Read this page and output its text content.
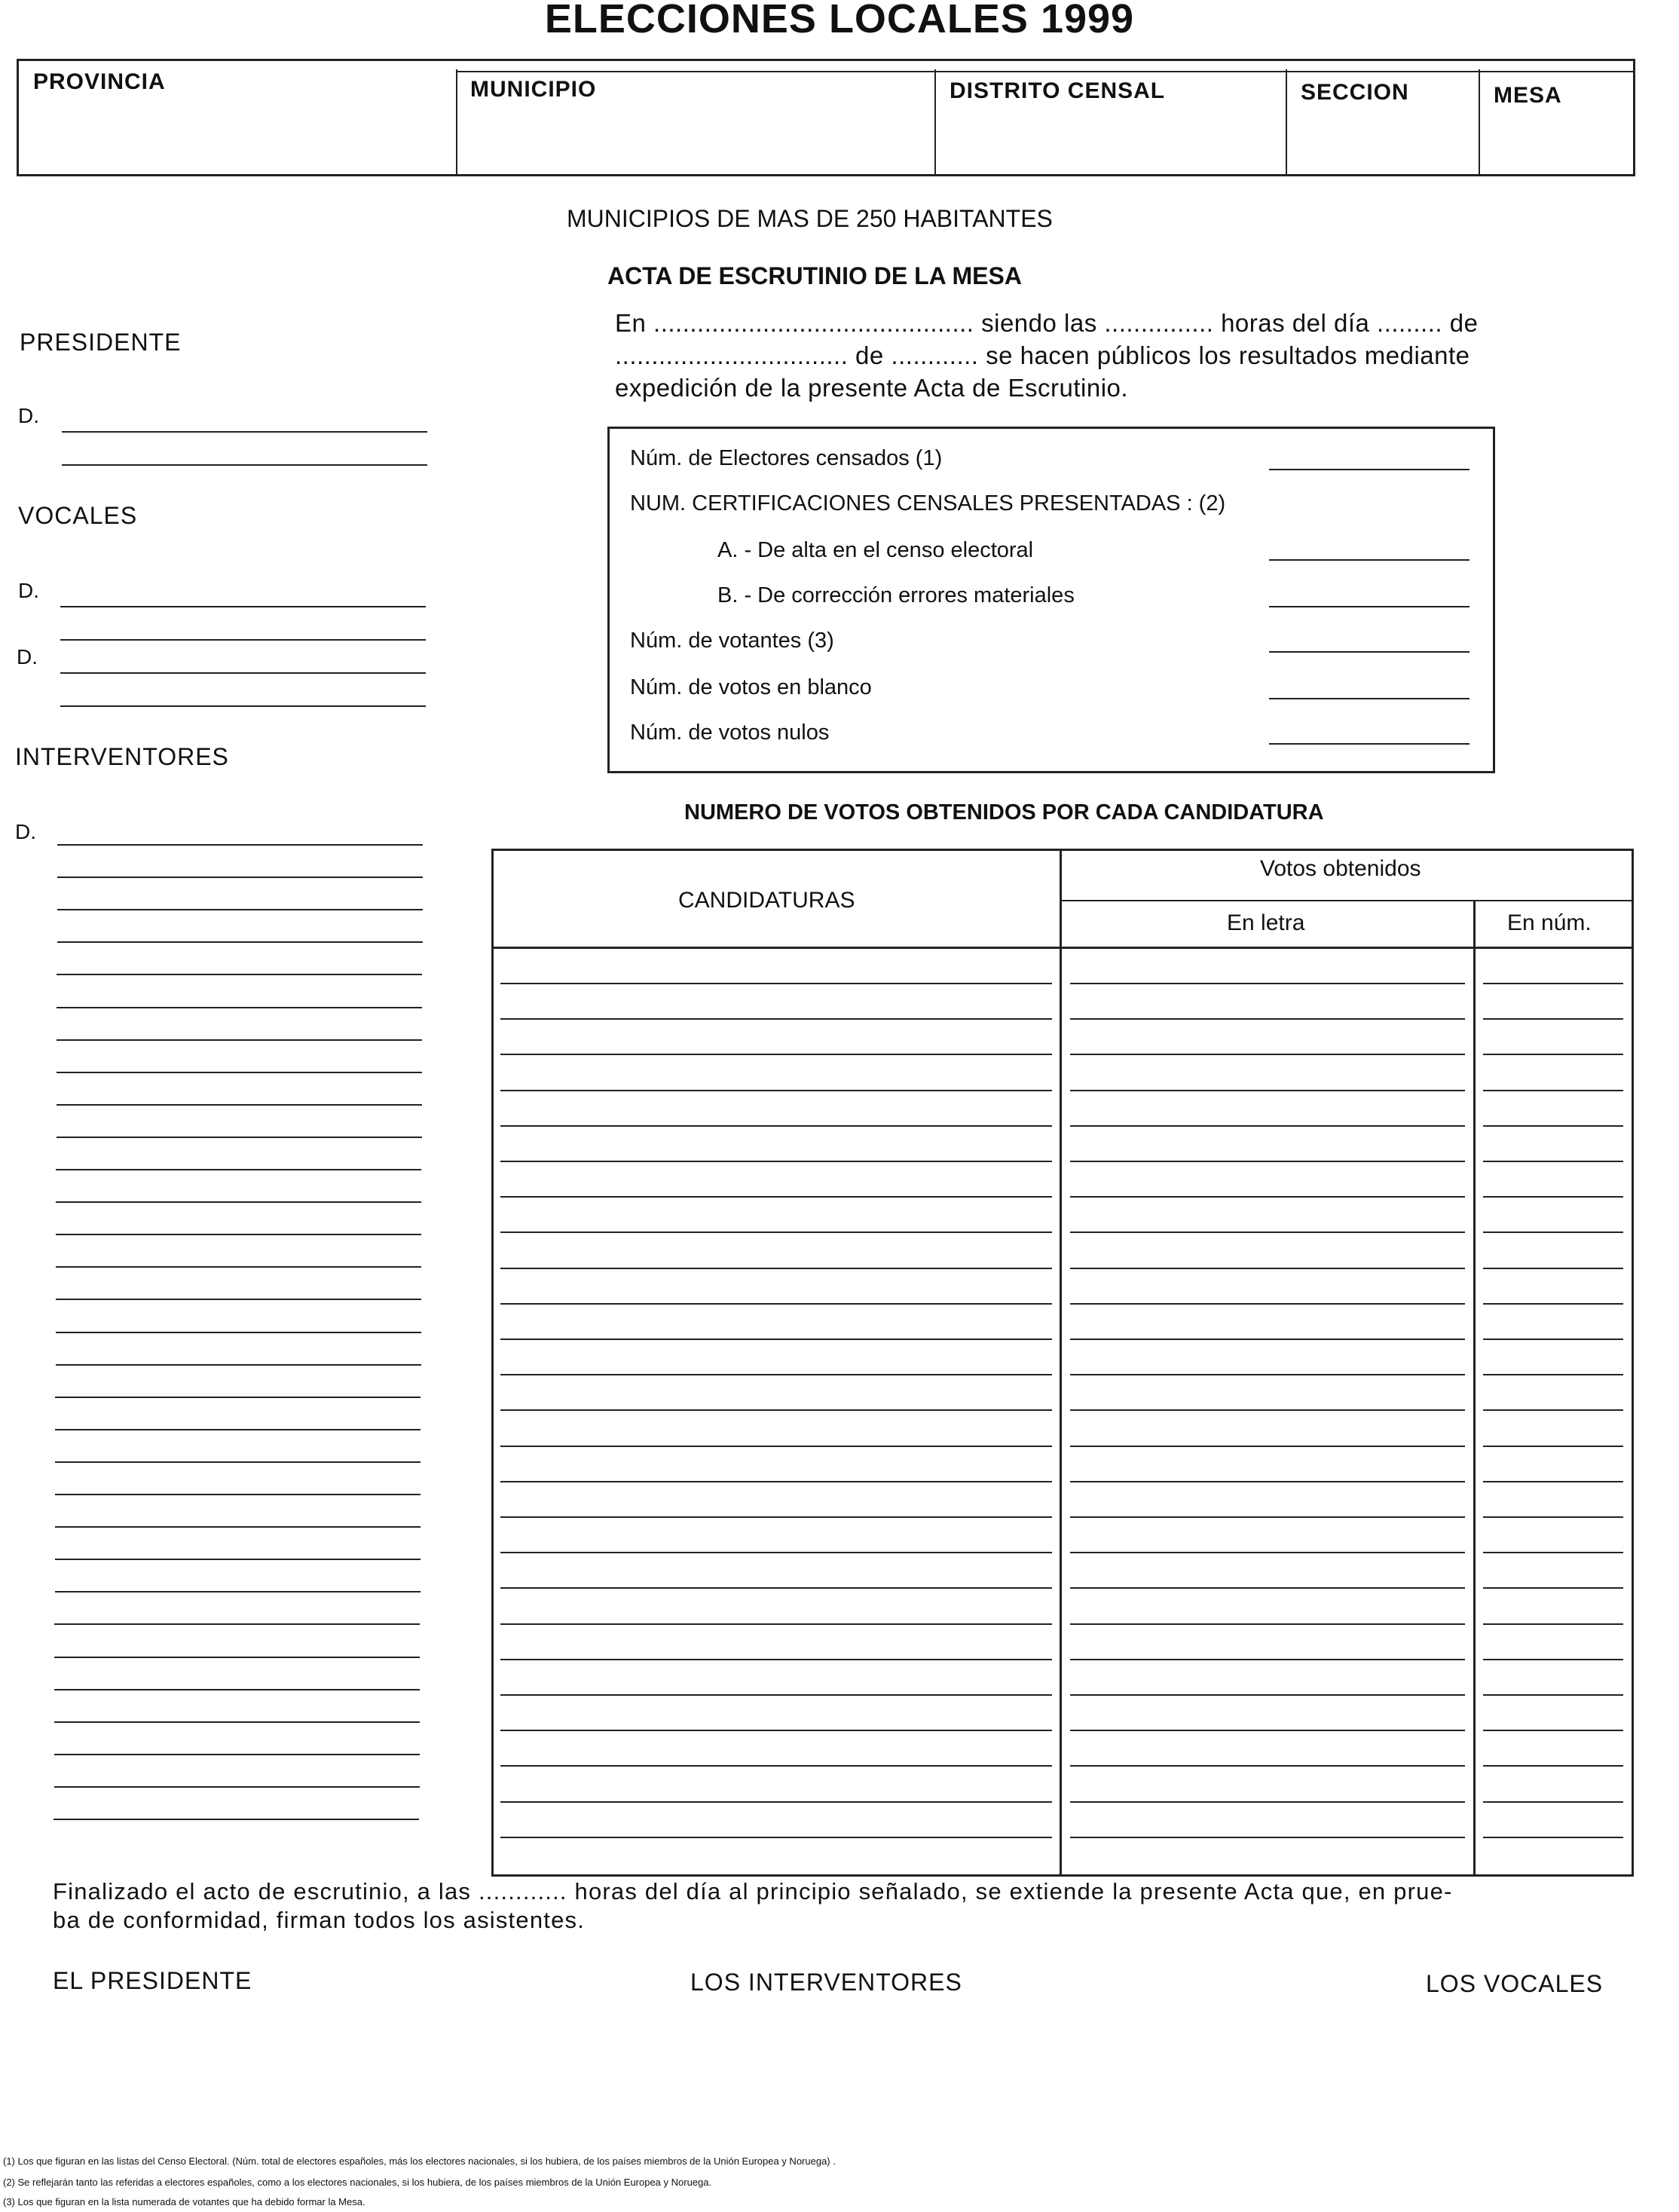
ELECCIONES LOCALES 1999
PROVINCIA	MUNICIPIO	DISTRITO CENSAL	SECCION	MESA
MUNICIPIOS DE MAS DE 250 HABITANTES
ACTA DE ESCRUTINIO DE LA MESA
En ............................................ siendo las ............... horas del día ......... de
................................ de ............ se hacen públicos los resultados mediante
expedición de la presente Acta de Escrutinio.
PRESIDENTE
D.
VOCALES
D.
D.
INTERVENTORES
D.
Núm. de Electores censados (1)
NUM. CERTIFICACIONES CENSALES PRESENTADAS : (2)
A. - De alta en el censo electoral
B. - De corrección errores materiales
Núm. de votantes (3)
Núm. de votos en blanco
Núm. de votos nulos
NUMERO DE VOTOS OBTENIDOS POR CADA CANDIDATURA
CANDIDATURAS
Votos obtenidos
En letra	En núm.
Finalizado el acto de escrutinio, a las ............ horas del día al principio señalado, se extiende la presente Acta que, en prue-
ba de conformidad, firman todos los asistentes.
EL PRESIDENTE	LOS INTERVENTORES	LOS VOCALES
(1) Los que figuran en las listas del Censo Electoral. (Núm. total de electores españoles, más los electores nacionales, si los hubiera, de los países miembros de la Unión Europea y Noruega) .
(2) Se reflejarán tanto las referidas a electores españoles, como a los electores nacionales, si los hubiera, de los países miembros de la Unión Europea y Noruega.
(3) Los que figuran en la lista numerada de votantes que ha debido formar la Mesa.
